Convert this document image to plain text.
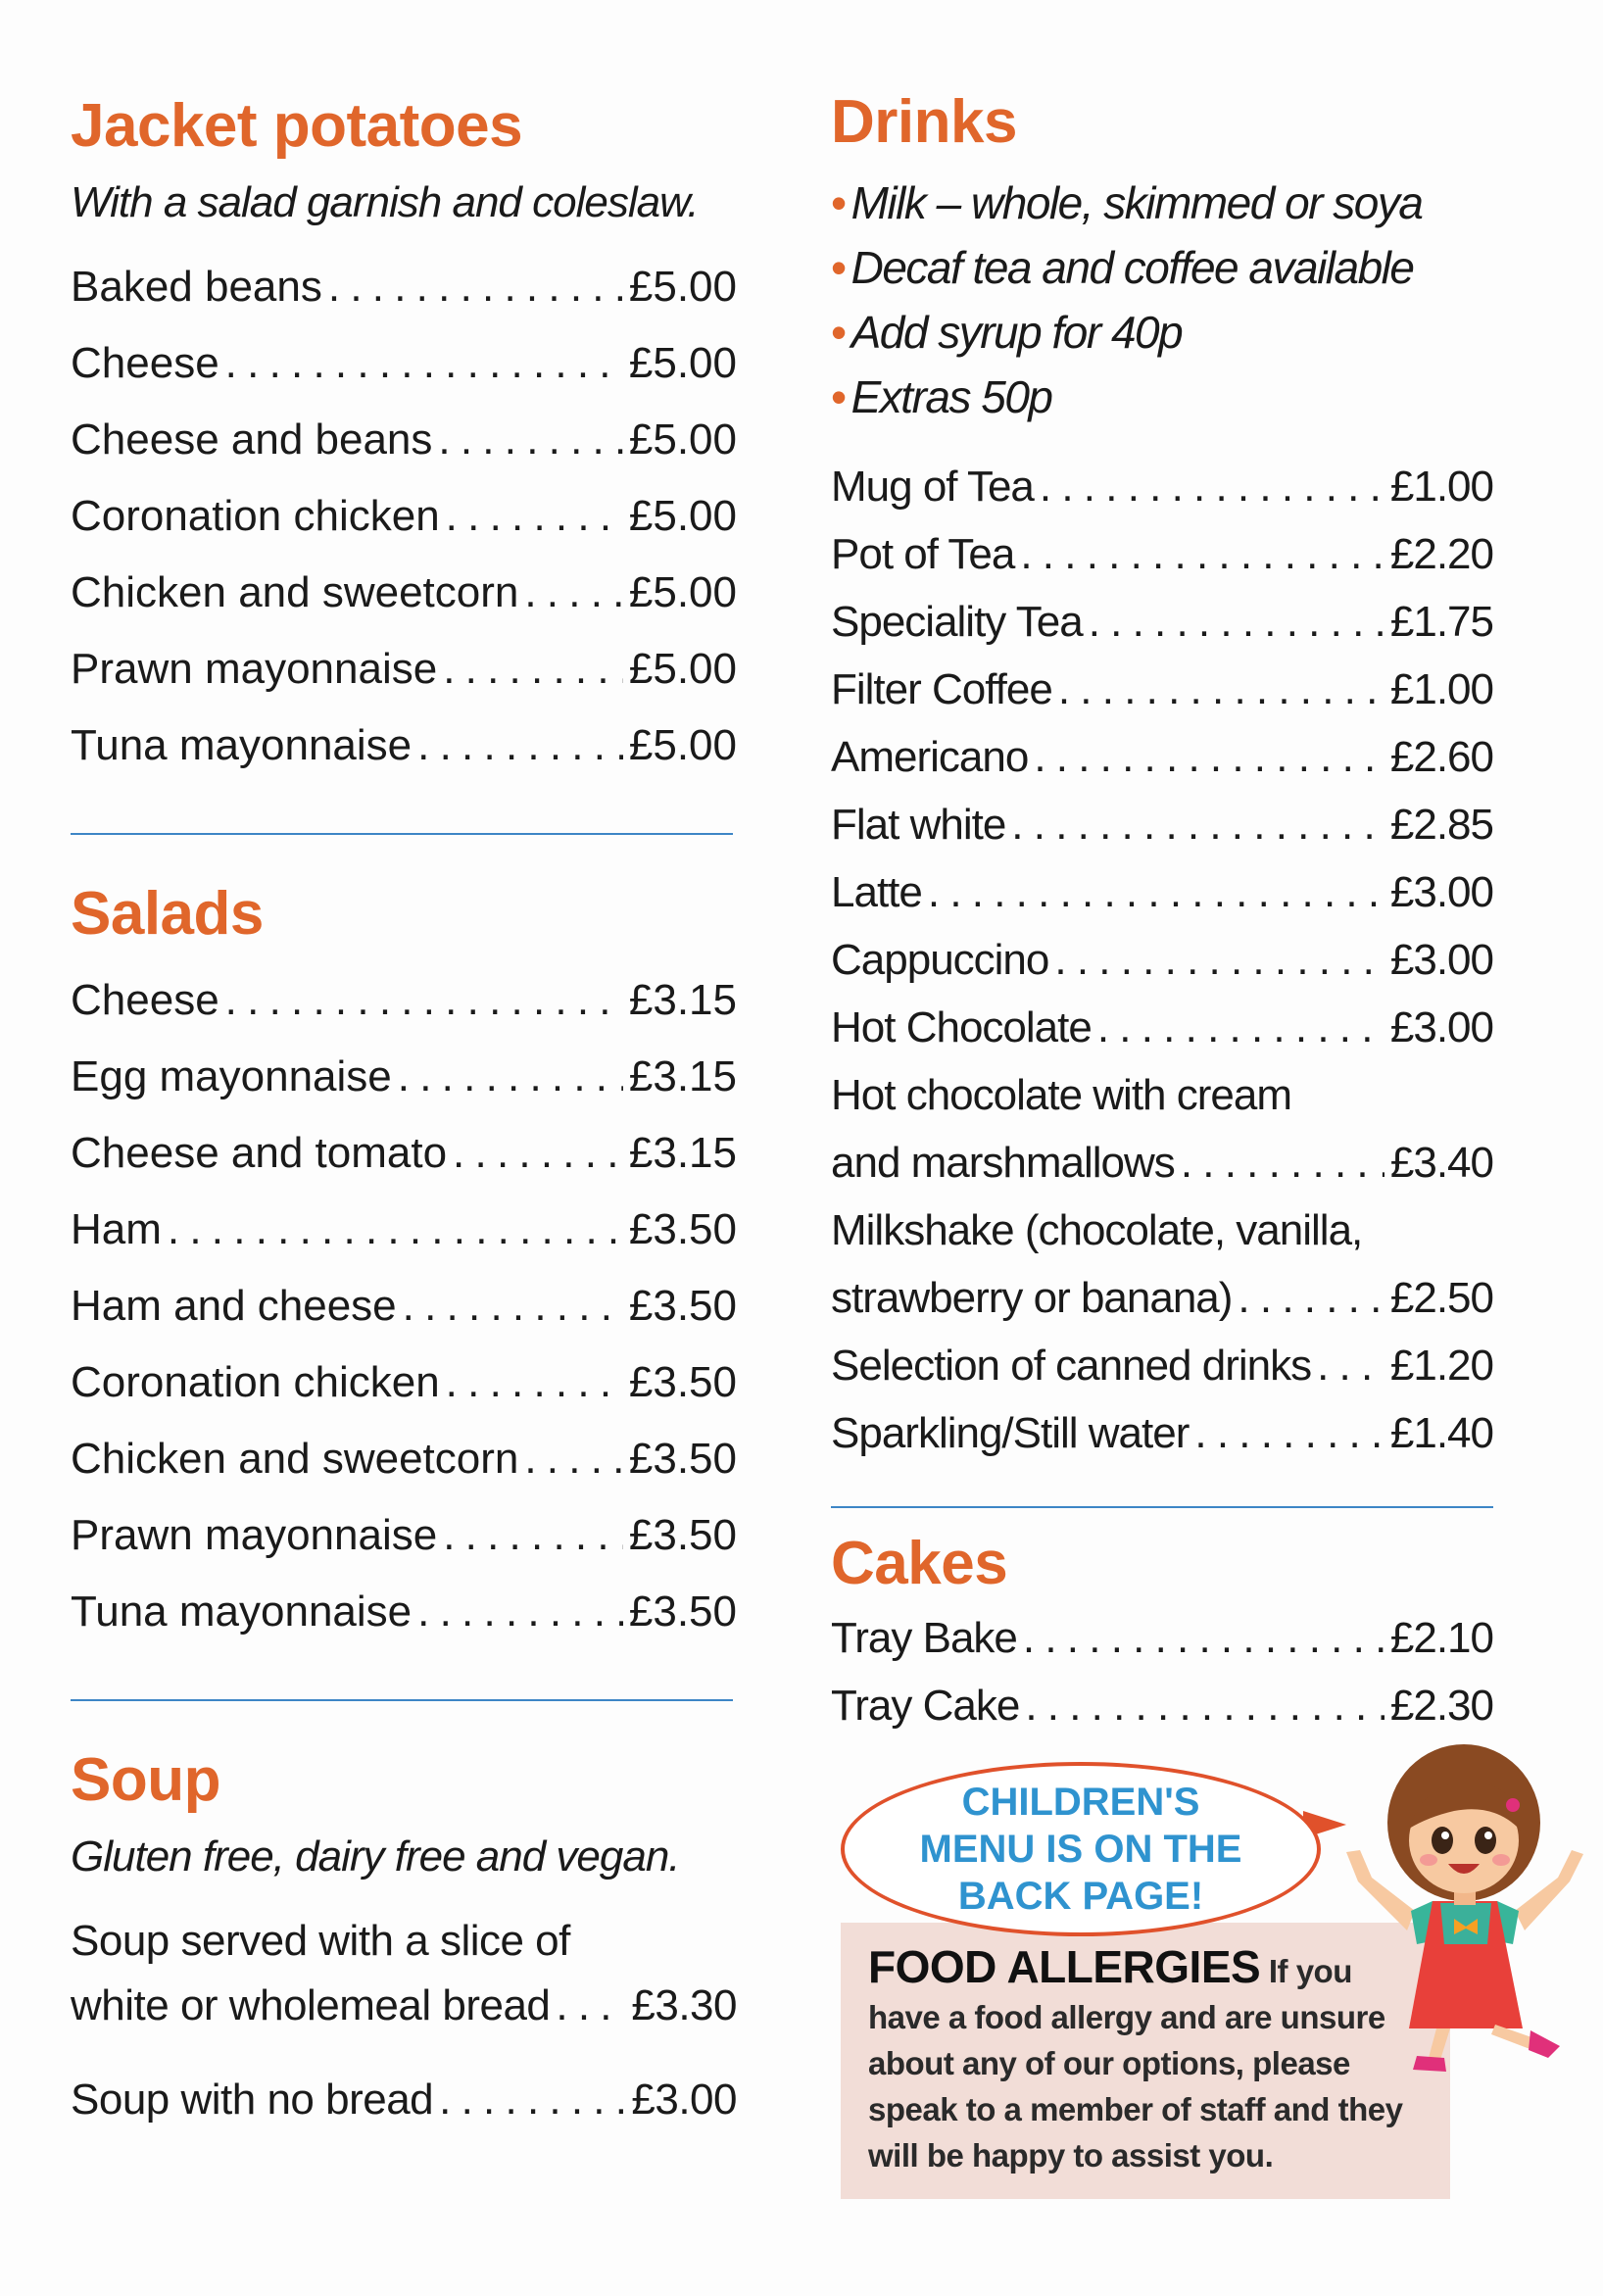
Jacket potatoes
With a salad garnish and coleslaw.
Baked beans . . .	£5.00
Cheese . . .	£5.00
Cheese and beans . . .	£5.00
Coronation chicken . . .	£5.00
Chicken and sweetcorn . . .	£5.00
Prawn mayonnaise . . .	£5.00
Tuna mayonnaise . . .	£5.00
Salads
Cheese . . .	£3.15
Egg mayonnaise . . .	£3.15
Cheese and tomato . . .	£3.15
Ham . . .	£3.50
Ham and cheese . . .	£3.50
Coronation chicken . . .	£3.50
Chicken and sweetcorn . . .	£3.50
Prawn mayonnaise . . .	£3.50
Tuna mayonnaise . . .	£3.50
Soup
Gluten free, dairy free and vegan.
Soup served with a slice of
white or wholemeal bread . . . £3.30
Soup with no bread . . .	£3.00
Drinks
• Milk – whole, skimmed or soya
• Decaf tea and coffee available
• Add syrup for 40p
• Extras 50p
Mug of Tea . . .	£1.00
Pot of Tea . . .	£2.20
Speciality Tea . . .	£1.75
Filter Coffee . . .	£1.00
Americano . . .	£2.60
Flat white . . .	£2.85
Latte . . .	£3.00
Cappuccino . . .	£3.00
Hot Chocolate . . .	£3.00
Hot chocolate with cream
and marshmallows . . .	£3.40
Milkshake (chocolate, vanilla,
strawberry or banana) . . .	£2.50
Selection of canned drinks . . . £1.20
Sparkling/Still water . . .	£1.40
Cakes
Tray Bake . . .	£2.10
Tray Cake . . .	£2.30
FOOD ALLERGIES If you have a food allergy and are unsure about any of our options, please speak to a member of staff and they will be happy to assist you.
CHILDREN'S
MENU IS ON THE
BACK PAGE!
